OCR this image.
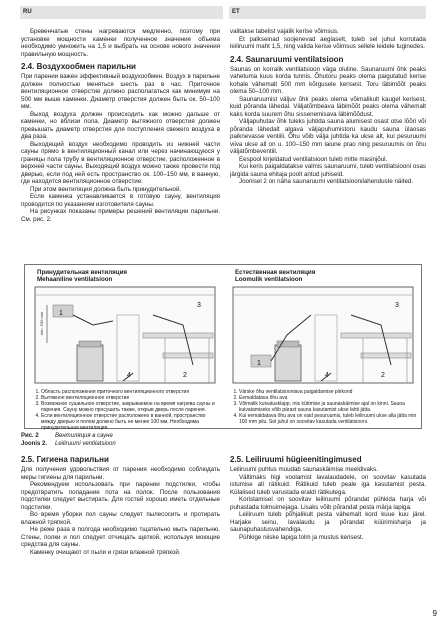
RU	ET

Бревенчатые стены нагреваются медленно, поэтому при установке мощности каменки полученное значение объема необходимо умножить на 1,5 и выбрать на основе нового значения правильную мощность.

2.4. Воздухообмен парильни

При парении важен эффективный воздухообмен. Воздух в парильне должен полностью меняться шесть раз в час. Приточное вентиляционное отверстие должно располагаться как минимум на 500 мм выше каменки. Диаметр отверстия должен быть ок. 50–100 мм.

Выход воздуха должен происходить как можно дальше от каменки, но вблизи пола. Диаметр вытяжного отверстия должен превышать диаметр отверстия для поступления свежего воздуха в два раза.

Выходящий воздух необходимо проводить из нижней части сауны прямо в вентиляционный канал или через начинающуюся у границы пола трубу в вентиляционное отверстие, расположенное в верхней части сауны. Выходящий воздух можно также провести под дверью, если под ней есть пространство ок. 100–150 мм, в ванную, где находится вентиляционное отверстие.

При этом вентиляция должна быть принудительной.

Если каменка устанавливается в готовую сауну, вентиляция проводится по указаниям изготовителя сауны.

На рисунках показаны примеры решений вентиляции парильни. См. рис. 2.

valitakse tabelist vajalik kerise võimsus.

Et palkseinad soojenevad aeglaselt, tuleb sel juhul korrutada leiliruumi maht 1,5, ning valida kerise võimsus sellele leidele tuginedes.

2.4. Saunaruumi ventilatsioon

Saunas on korralik ventilatsioon väga oluline. Saunaruumi õhk peaks vahetuma kuus korda tunnis. Õhutoru peaks olema paigutatud kerise kohale vähemalt 500 mm kõrgusele kerisest. Toru läbimõõt peaks olema 50–100 mm.

Saunaruumist väljuv õhk peaks olema võimalikult kaugel kerisest, kuid põranda lähedal. Väljatõmbeava läbimõõt peaks olema vähemalt kaks korda suurem õhu sissenemisava läbimõõdust.

Väljapuhutav õhk tuleks juhtida sauna alumisest osast otse lõõri või põranda lähedalt algava väljapuhumistoru kaudu sauna ülaosas paiknevasse ventiili. Õhu võib välja juhtida ka ukse alt, kui pesuruumi viiva ukse all on u. 100–150 mm laiune prao ning pesuruumis on õhu väljatõmbeventiil.

Eespool kirjeldatud ventilatsioon tuleb mitte masinjõul.

Kui keris paigaldatakse valmis saunaruumi, tuleb ventilatsiooni osas järgida sauna ehitaja poolt antud juhiseid.

Joonisel 2 on näha saunaruumi ventilatsioonilahenduste näited.

Принудительная вентиляция
Mehaaniline ventilatsioon
Естественная вентиляция
Loomulik ventilatsioon
min. 500 mm 1
2
3
4
1
2
3
4
1. Область расположения приточного вентиляционного отверстия
2. Вытяжное вентиляционное отверстие
3. Возможное сушильное отверстие, закрываемое на время нагрева сауны и парения. Сауну можно просушить также, открыв дверь после парения.
4. Если вентиляционное отверстие расположено в ванной, пространство между дверью и полом должно быть не менее 100 мм. Необходима принудительная вентиляция.
1. Värske õhu ventilatsiooniava paigaldamise piirkond
2. Eemaldatava õhu ava
3. Võimalik kuivatusklapp, mis küttmise ja saunaskäimise ajal on kinni. Sauna kuivatamiseks võib pärast sauna kasutamist ukse lahti jätta.
4. Kui eemaldatava õhu ava on vaid pesuruumis, tuleb leiliruumi ukse alla jätta min 100 mm pilu. Sel juhul on soovitav kasutada ventilatsiooni.
Рис. 2	Вентиляция в сауне
Joonis 2. Leiliruumi ventilatsioon
2.5. Гигиена парильни

Для получения удовольствия от парения необходимо соблюдать меры гигиены для парильни.

Рекомендуем использовать при парении подстилки, чтобы предотвратить попадание пота на полок. После пользования подстилки следует выстирать. Для гостей хорошо иметь отдельные подстилки.

Во время уборки пол сауны следует пылесосить и протирать влажной тряпкой.

Не реже раза в полгода необходимо тщательно мыть парильню. Стены, полки и пол следует отчищать щеткой, используя моющие средства для сауны.

Каменку очищают от пыли и грязи влажной тряпкой.

2.5. Leiliruumi hügieenitingimused

Leiliruumi puhtus muudab saunaskäimise meeldivaks.

Vältimaks higi voolamist lavalaudadele, on soovitav kasutada istumise all rätikuid. Rätikuid tuleb peale iga kasutamist pesta. Külalised tuleb varustada eraldi rätikutega.

Koristamisel on soovitav leiliruumi põrandat pühkida harja või puhastada tolmuimejaga. Lisaks võib põrandat pesta märja lapiga.

Leiliruum tuleb põhjalikult pesta vähemalt kord kuue kuu järel. Harjake seinu, lavalaudu ja põrandat küürimisharja ja saunapuhastusvahendiga.

Pühkige niiske lapiga tolm ja mustus kerisest.

9
